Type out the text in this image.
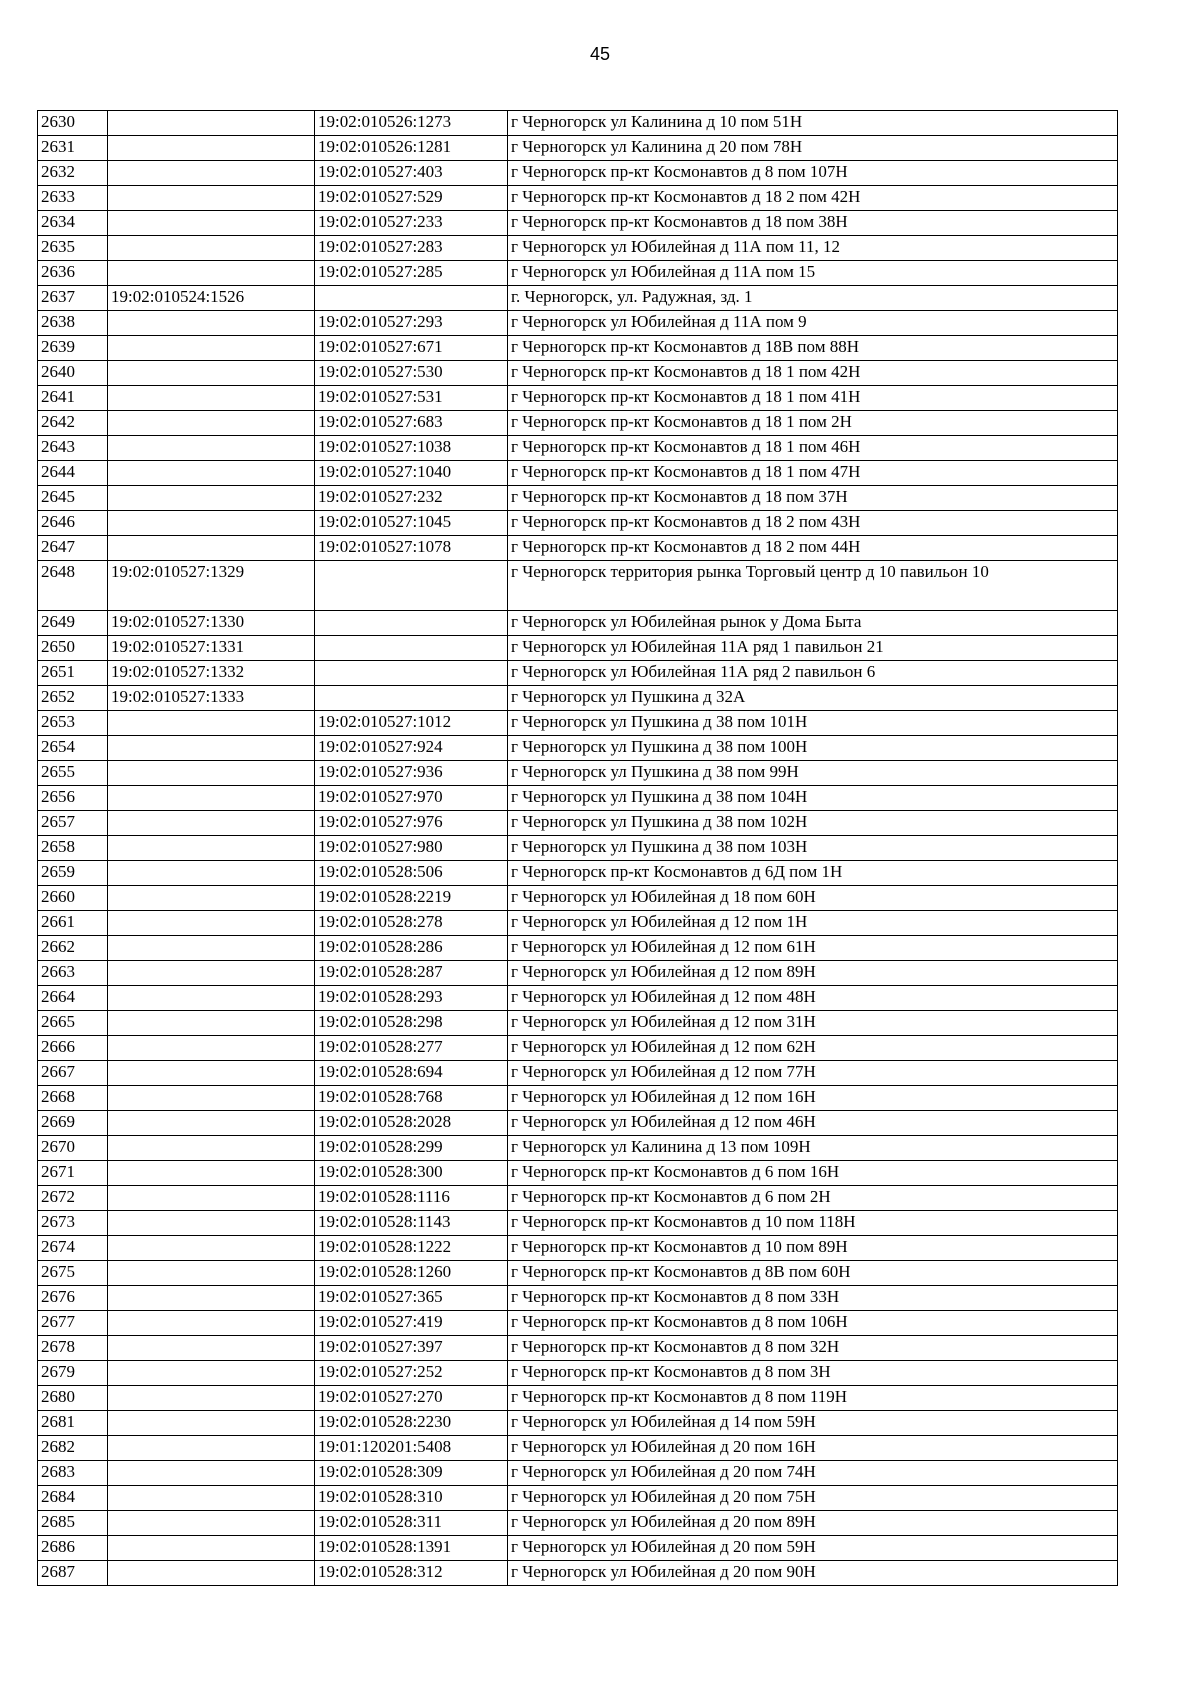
45
2630		19:02:010526:1273	г Черногорск ул Калинина д 10 пом 51Н
2631		19:02:010526:1281	г Черногорск ул Калинина д 20 пом 78Н
2632		19:02:010527:403	г Черногорск пр-кт Космонавтов д 8 пом 107Н
2633		19:02:010527:529	г Черногорск пр-кт Космонавтов д 18 2 пом 42Н
2634		19:02:010527:233	г Черногорск пр-кт Космонавтов д 18 пом 38Н
2635		19:02:010527:283	г Черногорск ул Юбилейная д 11А пом 11, 12
2636		19:02:010527:285	г Черногорск ул Юбилейная д 11А пом 15
2637	19:02:010524:1526		г. Черногорск, ул. Радужная, зд. 1
2638		19:02:010527:293	г Черногорск ул Юбилейная д 11А пом 9
2639		19:02:010527:671	г Черногорск пр-кт Космонавтов д 18В пом 88Н
2640		19:02:010527:530	г Черногорск пр-кт Космонавтов д 18 1 пом 42Н
2641		19:02:010527:531	г Черногорск пр-кт Космонавтов д 18 1 пом 41Н
2642		19:02:010527:683	г Черногорск пр-кт Космонавтов д 18 1 пом 2Н
2643		19:02:010527:1038	г Черногорск пр-кт Космонавтов д 18 1 пом 46Н
2644		19:02:010527:1040	г Черногорск пр-кт Космонавтов д 18 1 пом 47Н
2645		19:02:010527:232	г Черногорск пр-кт Космонавтов д 18 пом 37Н
2646		19:02:010527:1045	г Черногорск пр-кт Космонавтов д 18 2 пом 43Н
2647		19:02:010527:1078	г Черногорск пр-кт Космонавтов д 18 2 пом 44Н
2648	19:02:010527:1329		г Черногорск территория рынка Торговый центр д 10 павильон 10
2649	19:02:010527:1330		г Черногорск ул Юбилейная рынок у Дома Быта
2650	19:02:010527:1331		г Черногорск ул Юбилейная 11А ряд 1 павильон 21
2651	19:02:010527:1332		г Черногорск ул Юбилейная 11А ряд 2 павильон 6
2652	19:02:010527:1333		г Черногорск ул Пушкина д 32А
2653		19:02:010527:1012	г Черногорск ул Пушкина д 38 пом 101Н
2654		19:02:010527:924	г Черногорск ул Пушкина д 38 пом 100Н
2655		19:02:010527:936	г Черногорск ул Пушкина д 38 пом 99Н
2656		19:02:010527:970	г Черногорск ул Пушкина д 38 пом 104Н
2657		19:02:010527:976	г Черногорск ул Пушкина д 38 пом 102Н
2658		19:02:010527:980	г Черногорск ул Пушкина д 38 пом 103Н
2659		19:02:010528:506	г Черногорск пр-кт Космонавтов д 6Д пом 1Н
2660		19:02:010528:2219	г Черногорск ул Юбилейная д 18 пом 60Н
2661		19:02:010528:278	г Черногорск ул Юбилейная д 12 пом 1Н
2662		19:02:010528:286	г Черногорск ул Юбилейная д 12 пом 61Н
2663		19:02:010528:287	г Черногорск ул Юбилейная д 12 пом 89Н
2664		19:02:010528:293	г Черногорск ул Юбилейная д 12 пом 48Н
2665		19:02:010528:298	г Черногорск ул Юбилейная д 12 пом 31Н
2666		19:02:010528:277	г Черногорск ул Юбилейная д 12 пом 62Н
2667		19:02:010528:694	г Черногорск ул Юбилейная д 12 пом 77Н
2668		19:02:010528:768	г Черногорск ул Юбилейная д 12 пом 16Н
2669		19:02:010528:2028	г Черногорск ул Юбилейная д 12 пом 46Н
2670		19:02:010528:299	г Черногорск ул Калинина д 13 пом 109Н
2671		19:02:010528:300	г Черногорск пр-кт Космонавтов д 6 пом 16Н
2672		19:02:010528:1116	г Черногорск пр-кт Космонавтов д 6 пом 2Н
2673		19:02:010528:1143	г Черногорск пр-кт Космонавтов д 10 пом 118Н
2674		19:02:010528:1222	г Черногорск пр-кт Космонавтов д 10 пом 89Н
2675		19:02:010528:1260	г Черногорск пр-кт Космонавтов д 8В пом 60Н
2676		19:02:010527:365	г Черногорск пр-кт Космонавтов д 8 пом 33Н
2677		19:02:010527:419	г Черногорск пр-кт Космонавтов д 8 пом 106Н
2678		19:02:010527:397	г Черногорск пр-кт Космонавтов д 8 пом 32Н
2679		19:02:010527:252	г Черногорск пр-кт Космонавтов д 8 пом 3Н
2680		19:02:010527:270	г Черногорск пр-кт Космонавтов д 8 пом 119Н
2681		19:02:010528:2230	г Черногорск ул Юбилейная д 14 пом 59Н
2682		19:01:120201:5408	г Черногорск ул Юбилейная д 20 пом 16Н
2683		19:02:010528:309	г Черногорск ул Юбилейная д 20 пом 74Н
2684		19:02:010528:310	г Черногорск ул Юбилейная д 20 пом 75Н
2685		19:02:010528:311	г Черногорск ул Юбилейная д 20 пом 89Н
2686		19:02:010528:1391	г Черногорск ул Юбилейная д 20 пом 59Н
2687		19:02:010528:312	г Черногорск ул Юбилейная д 20 пом 90Н
